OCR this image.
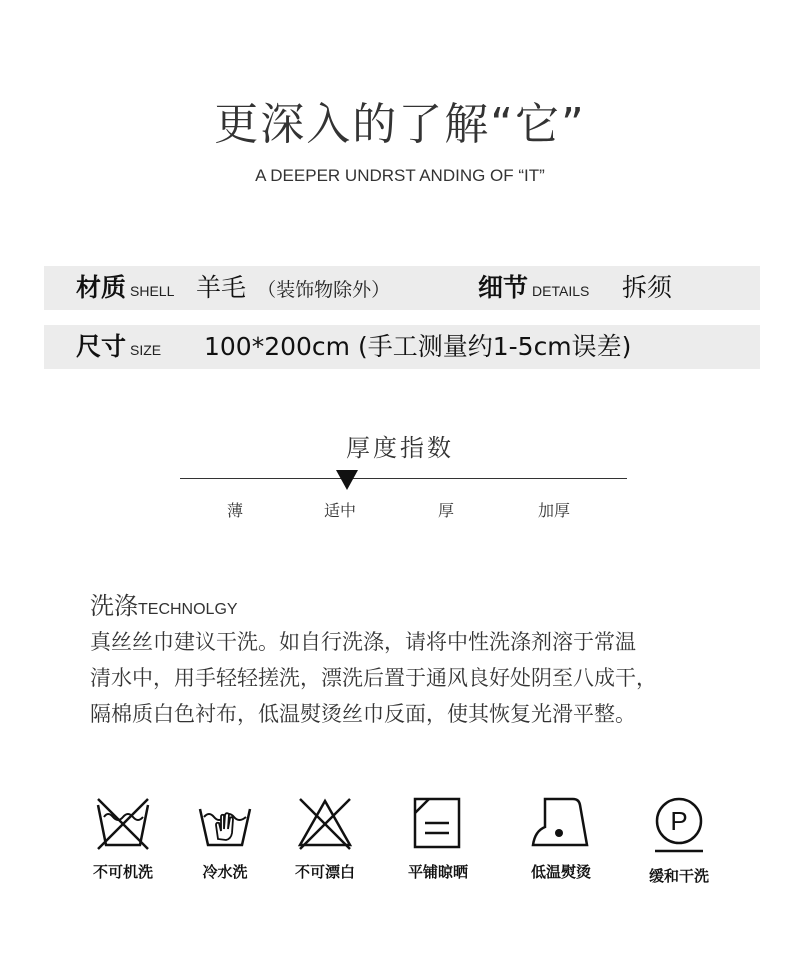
更深入的了解“它”
A DEEPER UNDRST ANDING OF “IT”
材质 SHELL 羊毛 （装饰物除外）	细节 DETAILS 拆须
尺寸 SIZE 100*200cm (手工测量约1-5cm误差)
厚度指数
薄	适中	厚	加厚
洗涤TECHNOLGY
真丝丝巾建议干洗。如自行洗涤，请将中性洗涤剂溶于常温
清水中，用手轻轻搓洗，漂洗后置于通风良好处阴至八成干，
隔棉质白色衬布，低温熨烫丝巾反面，使其恢复光滑平整。
不可机洗	冷水洗	不可漂白	平铺晾晒	低温熨烫
P
缓和干洗
